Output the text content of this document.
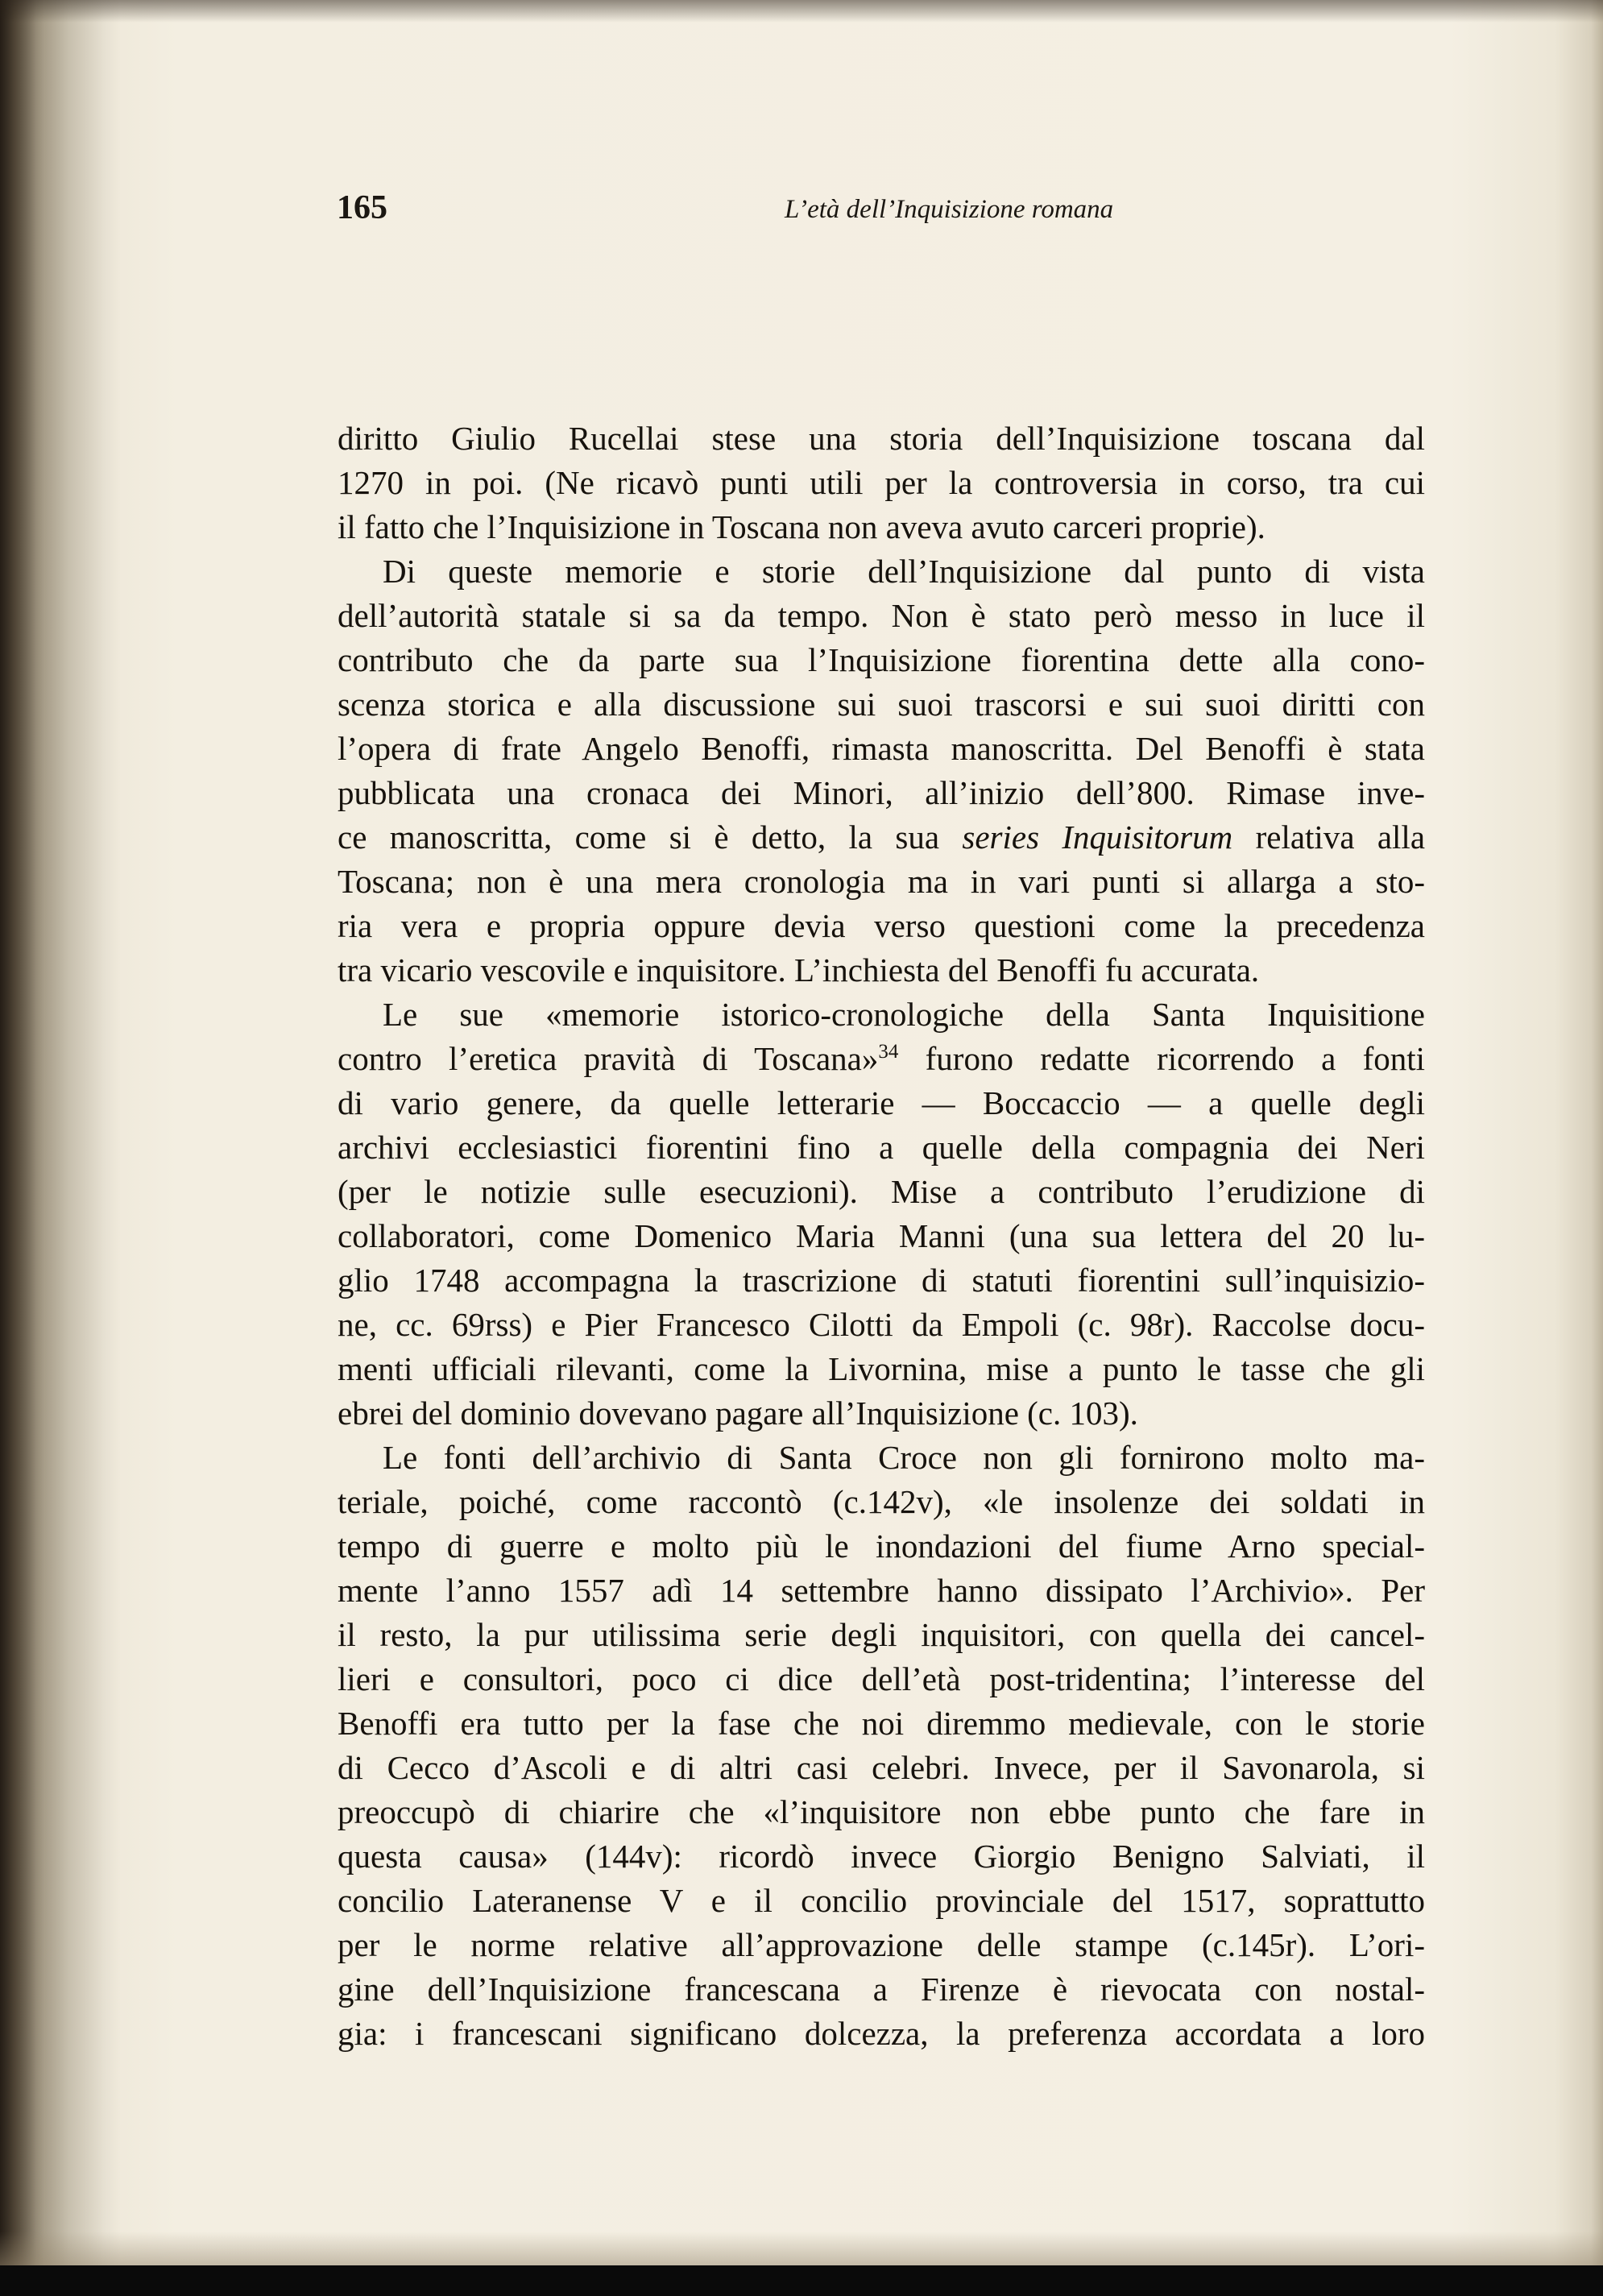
165	L’età dell’Inquisizione romana
diritto Giulio Rucellai stese una storia dell’Inquisizione toscana dal
1270 in poi. (Ne ricavò punti utili per la controversia in corso, tra cui
il fatto che l’Inquisizione in Toscana non aveva avuto carceri proprie).
Di queste memorie e storie dell’Inquisizione dal punto di vista
dell’autorità statale si sa da tempo. Non è stato però messo in luce il
contributo che da parte sua l’Inquisizione fiorentina dette alla cono-
scenza storica e alla discussione sui suoi trascorsi e sui suoi diritti con
l’opera di frate Angelo Benoffi, rimasta manoscritta. Del Benoffi è stata
pubblicata una cronaca dei Minori, all’inizio dell’800. Rimase inve-
ce manoscritta, come si è detto, la sua series Inquisitorum relativa alla
Toscana; non è una mera cronologia ma in vari punti si allarga a sto-
ria vera e propria oppure devia verso questioni come la precedenza
tra vicario vescovile e inquisitore. L’inchiesta del Benoffi fu accurata.
Le sue «memorie istorico-cronologiche della Santa Inquisitione
contro l’eretica pravità di Toscana»$^{34}$ furono redatte ricorrendo a fonti
di vario genere, da quelle letterarie — Boccaccio — a quelle degli
archivi ecclesiastici fiorentini fino a quelle della compagnia dei Neri
(per le notizie sulle esecuzioni). Mise a contributo l’erudizione di
collaboratori, come Domenico Maria Manni (una sua lettera del 20 lu-
glio 1748 accompagna la trascrizione di statuti fiorentini sull’inquisizio-
ne, cc. 69rss) e Pier Francesco Cilotti da Empoli (c. 98r). Raccolse docu-
menti ufficiali rilevanti, come la Livornina, mise a punto le tasse che gli
ebrei del dominio dovevano pagare all’Inquisizione (c. 103).
Le fonti dell’archivio di Santa Croce non gli fornirono molto ma-
teriale, poiché, come raccontò (c.142v), «le insolenze dei soldati in
tempo di guerre e molto più le inondazioni del fiume Arno special-
mente l’anno 1557 adì 14 settembre hanno dissipato l’Archivio». Per
il resto, la pur utilissima serie degli inquisitori, con quella dei cancel-
lieri e consultori, poco ci dice dell’età post-tridentina; l’interesse del
Benoffi era tutto per la fase che noi diremmo medievale, con le storie
di Cecco d’Ascoli e di altri casi celebri. Invece, per il Savonarola, si
preoccupò di chiarire che «l’inquisitore non ebbe punto che fare in
questa causa» (144v): ricordò invece Giorgio Benigno Salviati, il
concilio Lateranense V e il concilio provinciale del 1517, soprattutto
per le norme relative all’approvazione delle stampe (c.145r). L’ori-
gine dell’Inquisizione francescana a Firenze è rievocata con nostal-
gia: i francescani significano dolcezza, la preferenza accordata a loro
